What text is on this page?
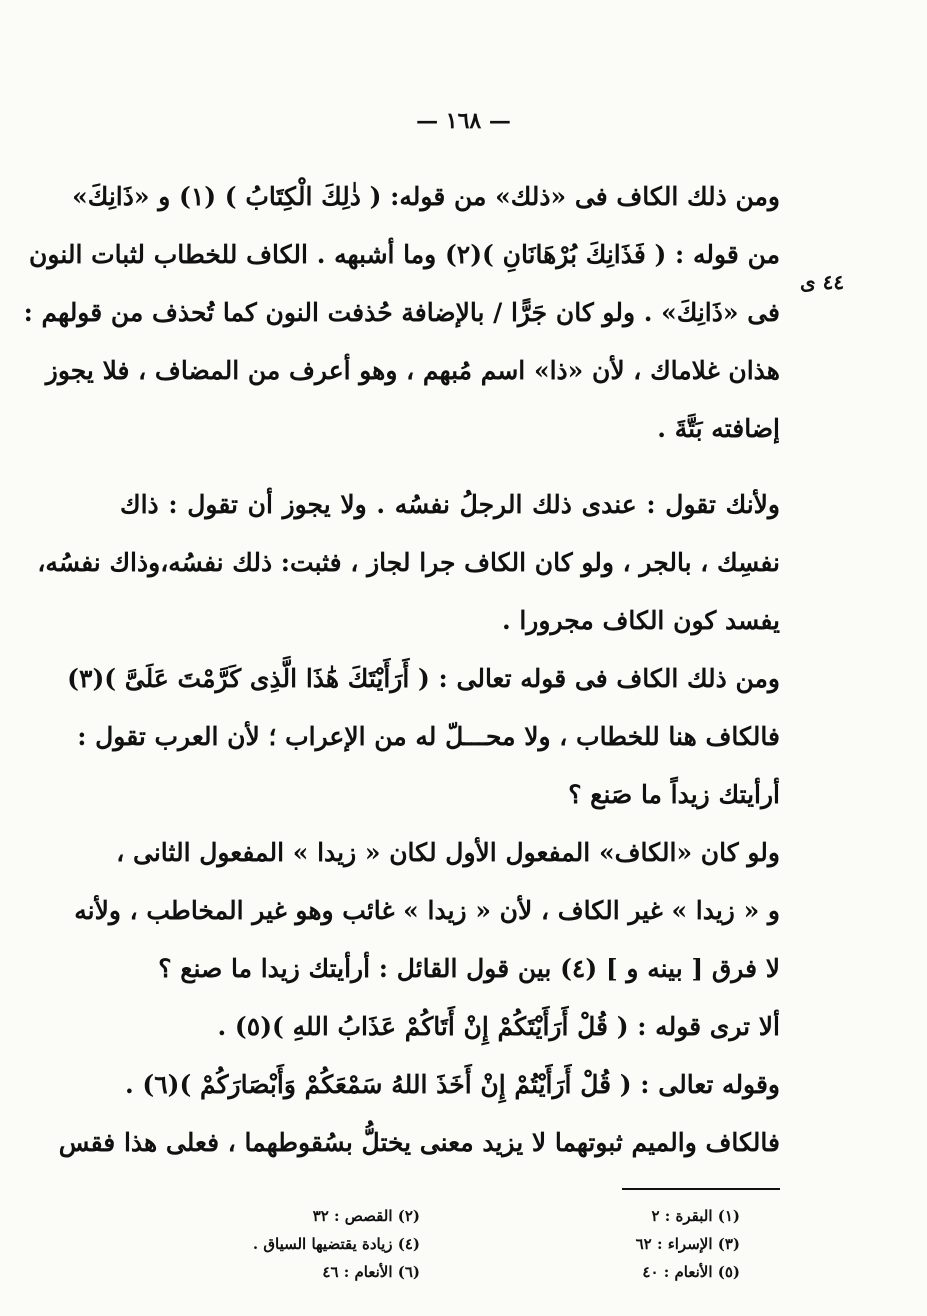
— ١٦٨ —
٤٤ ى
ومن ذلك الكاف فى «ذلك» من قوله: ( ذٰلِكَ الْكِتَابُ ) (١) و «ذَانِكَ»
من قوله : ( فَذَانِكَ بُرْهَانَانِ )(٢) وما أشبهه . الكاف للخطاب لثبات النون
فى «ذَانِكَ» . ولو كان جَرًّا / بالإضافة حُذفت النون كما تُحذف من قولهم :
هذان غلاماك ، لأن «ذا» اسم مُبهم ، وهو أعرف من المضاف ، فلا يجوز
إضافته بَتَّةَ .
ولأنك تقول : عندى ذلك الرجلُ نفسُه . ولا يجوز أن تقول : ذاك
نفسِك ، بالجر ، ولو كان الكاف جرا لجاز ، فثبت: ذلك نفسُه،وذاك نفسُه،
يفسد كون الكاف مجرورا .
ومن ذلك الكاف فى قوله تعالى : ( أَرَأَيْتَكَ هَٰذَا الَّذِى كَرَّمْتَ عَلَىَّ )(٣)
فالكاف هنا للخطاب ، ولا محـــلّ له من الإعراب ؛ لأن العرب تقول :
أرأيتك زيداً ما صَنع ؟
ولو كان «الكاف» المفعول الأول لكان « زيدا » المفعول الثانى ،
و « زيدا » غير الكاف ، لأن « زيدا » غائب وهو غير المخاطب ، ولأنه
لا فرق [ بينه و ] (٤) بين قول القائل : أرأيتك زيدا ما صنع ؟
ألا ترى قوله : ( قُلْ أَرَأَيْتَكُمْ إِنْ أَتَاكُمْ عَذَابُ اللهِ )(٥) .
وقوله تعالى : ( قُلْ أَرَأَيْتُمْ إِنْ أَخَذَ اللهُ سَمْعَكُمْ وَأَبْصَارَكُمْ )(٦) .
فالكاف والميم ثبوتهما لا يزيد معنى يختلُّ بسُقوطهما ، فعلى هذا فقس
(١) البقرة : ٢
(٢) القصص : ٣٢
(٣) الإسراء : ٦٢
(٤) زيادة يقتضيها السياق .
(٥) الأنعام : ٤٠
(٦) الأنعام : ٤٦
